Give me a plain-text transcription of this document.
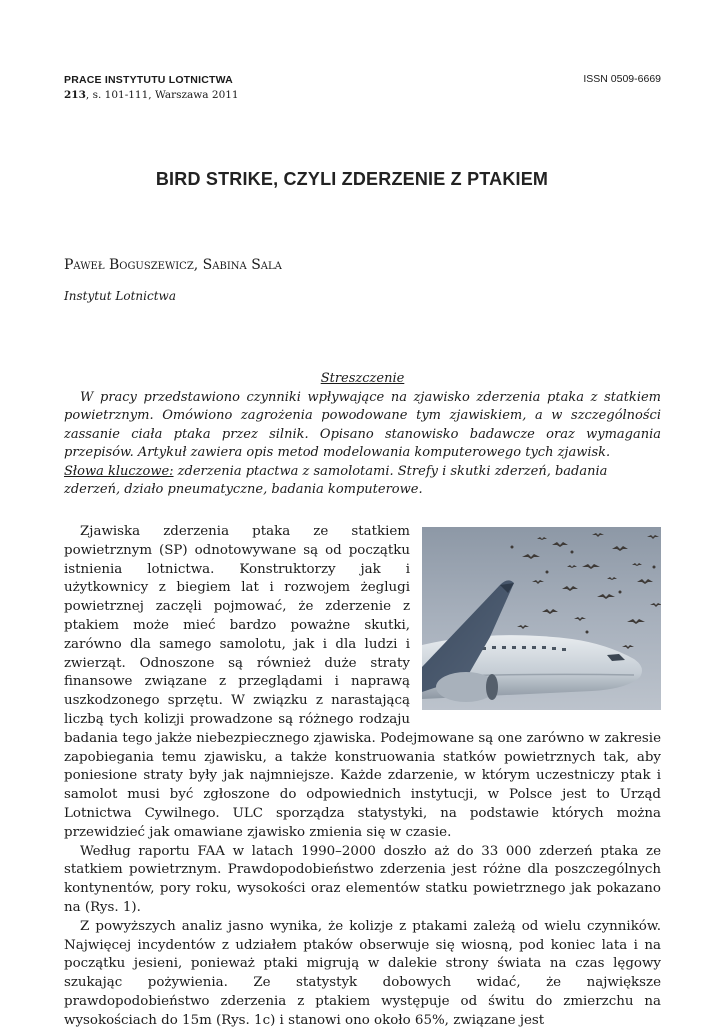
PRACE INSTYTUTU LOTNICTWA
213, s. 101-111, Warszawa 2011
ISSN 0509-6669
BIRD STRIKE, CZYLI ZDERZENIE Z PTAKIEM
Paweł Boguszewicz, Sabina Sala
Instytut Lotnictwa
Streszczenie

W pracy przedstawiono czynniki wpływające na zjawisko zderzenia ptaka z statkiem powietrznym. Omówiono zagrożenia powodowane tym zjawiskiem, a w szczególności zassanie ciała ptaka przez silnik. Opisano stanowisko badawcze oraz wymagania przepisów. Artykuł zawiera opis metod modelowania komputerowego tych zjawisk.

Słowa kluczowe: zderzenia ptactwa z samolotami. Strefy i skutki zderzeń, badania zderzeń, działo pneumatyczne, badania komputerowe.

Zjawiska zderzenia ptaka ze statkiem powietrznym (SP) odnotowywane są od początku istnienia lotnictwa. Konstruktorzy jak i użytkownicy z biegiem lat i rozwojem żeglugi powietrznej zaczęli pojmować, że zderzenie z ptakiem może mieć bardzo poważne skutki, zarówno dla samego samolotu, jak i dla ludzi i zwierząt. Odnoszone są również duże straty finansowe związane z przeglądami i naprawą uszkodzonego sprzętu. W związku z narastającą liczbą tych kolizji prowadzone są różnego rodzaju badania tego jakże niebezpiecznego zjawiska. Podejmowane są one zarówno w zakresie zapobiegania temu zjawisku, a także konstruowania statków powietrznych tak, aby poniesione straty były jak najmniejsze. Każde zdarzenie, w którym uczestniczy ptak i samolot musi być zgłoszone do odpowiednich instytucji, w Polsce jest to Urząd Lotnictwa Cywilnego. ULC sporządza statystyki, na podstawie których można przewidzieć jak omawiane zjawisko zmienia się w czasie.

Według raportu FAA w latach 1990–2000 doszło aż do 33 000 zderzeń ptaka ze statkiem powietrznym. Prawdopodobieństwo zderzenia jest różne dla poszczególnych kontynentów, pory roku, wysokości oraz elementów statku powietrznego jak pokazano na (Rys. 1).

Z powyższych analiz jasno wynika, że kolizje z ptakami zależą od wielu czynników. Najwięcej incydentów z udziałem ptaków obserwuje się wiosną, pod koniec lata i na początku jesieni, ponieważ ptaki migrują w dalekie strony świata na czas lęgowy szukając pożywienia. Ze statystyk dobowych widać, że największe prawdopodobieństwo zderzenia z ptakiem występuje od świtu do zmierzchu na wysokościach do 15m (Rys. 1c) i stanowi ono około 65%, związane jest
